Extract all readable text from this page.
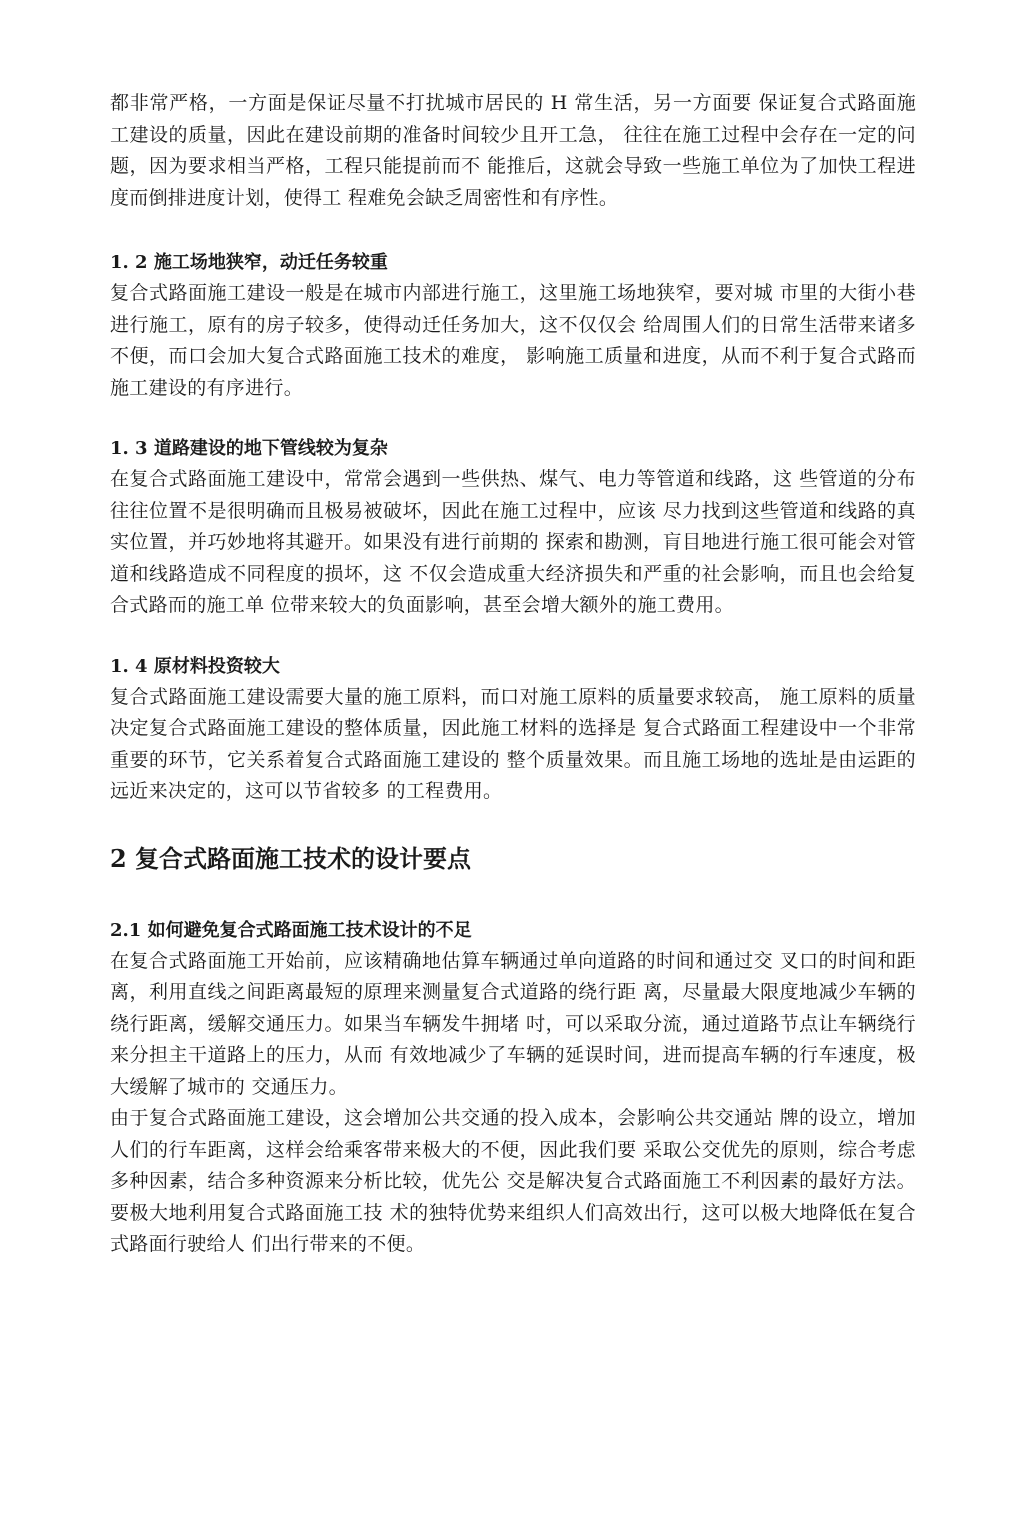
都非常严格，一方面是保证尽量不打扰城市居民的 H 常生活，另一方面要 保证复合式路面施工建设的质量，因此在建设前期的准备时间较少且开工急， 往往在施工过程中会存在一定的问题，因为要求相当严格，工程只能提前而不 能推后，这就会导致一些施工单位为了加快工程进度而倒排进度计划，使得工 程难免会缺乏周密性和有序性。

1. 2 施工场地狭窄，动迁任务较重

复合式路面施工建设一般是在城市内部进行施工，这里施工场地狭窄，要对城 市里的大街小巷进行施工，原有的房子较多，使得动迁任务加大，这不仅仅会 给周围人们的日常生活带来诸多不便，而口会加大复合式路面施工技术的难度， 影响施工质量和进度，从而不利于复合式路而施工建设的有序进行。

1. 3 道路建设的地下管线较为复杂

在复合式路面施工建设中，常常会遇到一些供热、煤气、电力等管道和线路，这 些管道的分布往往位置不是很明确而且极易被破坏，因此在施工过程中，应该 尽力找到这些管道和线路的真实位置，并巧妙地将其避开。如果没有进行前期的 探索和勘测，肓目地进行施工很可能会对管道和线路造成不同程度的损坏，这 不仅会造成重大经济损失和严重的社会影响，而且也会给复合式路而的施工单 位带来较大的负面影响，甚至会增大额外的施工费用。

1. 4 原材料投资较大

复合式路面施工建设需要大量的施工原料，而口对施工原料的质量要求较高， 施工原料的质量决定复合式路面施工建设的整体质量，因此施工材料的选择是 复合式路面工程建设中一个非常重要的环节，它关系着复合式路面施工建设的 整个质量效果。而且施工场地的选址是由运距的远近来决定的，这可以节省较多 的工程费用。

2 复合式路面施工技术的设计要点
2.1 如何避免复合式路面施工技术设计的不足

在复合式路面施工开始前，应该精确地估算车辆通过单向道路的时间和通过交 叉口的时间和距离，利用直线之间距离最短的原理来测量复合式道路的绕行距 离，尽量最大限度地减少车辆的绕行距离，缓解交通压力。如果当车辆发牛拥堵 吋，可以采取分流，通过道路节点让车辆绕行来分担主干道路上的压力，从而 有效地减少了车辆的延误时间，进而提高车辆的行车速度，极大缓解了城市的 交通压力。

由于复合式路面施工建设，这会增加公共交通的投入成本，会影响公共交通站 牌的设立，增加人们的行车距离，这样会给乘客带来极大的不便，因此我们要 采取公交优先的原则，综合考虑多种因素，结合多种资源来分析比较，优先公 交是解决复合式路面施工不利因素的最好方法。要极大地利用复合式路面施工技 术的独特优势来组织人们高效出行，这可以极大地降低在复合式路面行驶给人 们出行带来的不便。
